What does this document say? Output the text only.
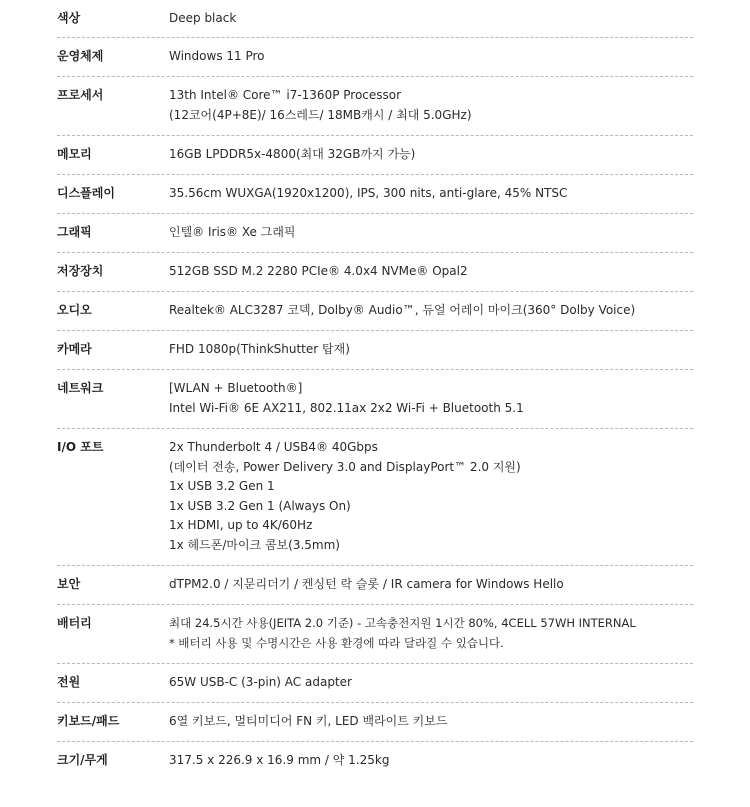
색상	Deep black
운영체제	Windows 11 Pro
프로세서	13th Intel® Core™ i7-1360P Processor
(12코어(4P+8E)/ 16스레드/ 18MB캐시 / 최대 5.0GHz)
메모리	16GB LPDDR5x-4800(최대 32GB까지 가능)
디스플레이	35.56cm WUXGA(1920x1200), IPS, 300 nits, anti-glare, 45% NTSC
그래픽	인텔® Iris® Xe 그래픽
저장장치	512GB SSD M.2 2280 PCIe® 4.0x4 NVMe® Opal2
오디오	Realtek® ALC3287 코덱, Dolby® Audio™, 듀얼 어레이 마이크(360° Dolby Voice)
카메라	FHD 1080p(ThinkShutter 탑재)
네트워크	[WLAN + Bluetooth®]
Intel Wi-Fi® 6E AX211, 802.11ax 2x2 Wi-Fi + Bluetooth 5.1
I/O 포트	2x Thunderbolt 4 / USB4® 40Gbps
(데이터 전송, Power Delivery 3.0 and DisplayPort™ 2.0 지원)
1x USB 3.2 Gen 1
1x USB 3.2 Gen 1 (Always On)
1x HDMI, up to 4K/60Hz
1x 헤드폰/마이크 콤보(3.5mm)
보안	dTPM2.0 / 지문리더기 / 켄싱턴 락 슬롯 / IR camera for Windows Hello
배터리	최대 24.5시간 사용(JEITA 2.0 기준) - 고속충전지원 1시간 80%, 4CELL 57WH INTERNAL
* 배터리 사용 및 수명시간은 사용 환경에 따라 달라질 수 있습니다.
전원	65W USB-C (3-pin) AC adapter
키보드/패드	6열 키보드, 멀티미디어 FN 키, LED 백라이트 키보드
크기/무게	317.5 x 226.9 x 16.9 mm / 약 1.25kg
